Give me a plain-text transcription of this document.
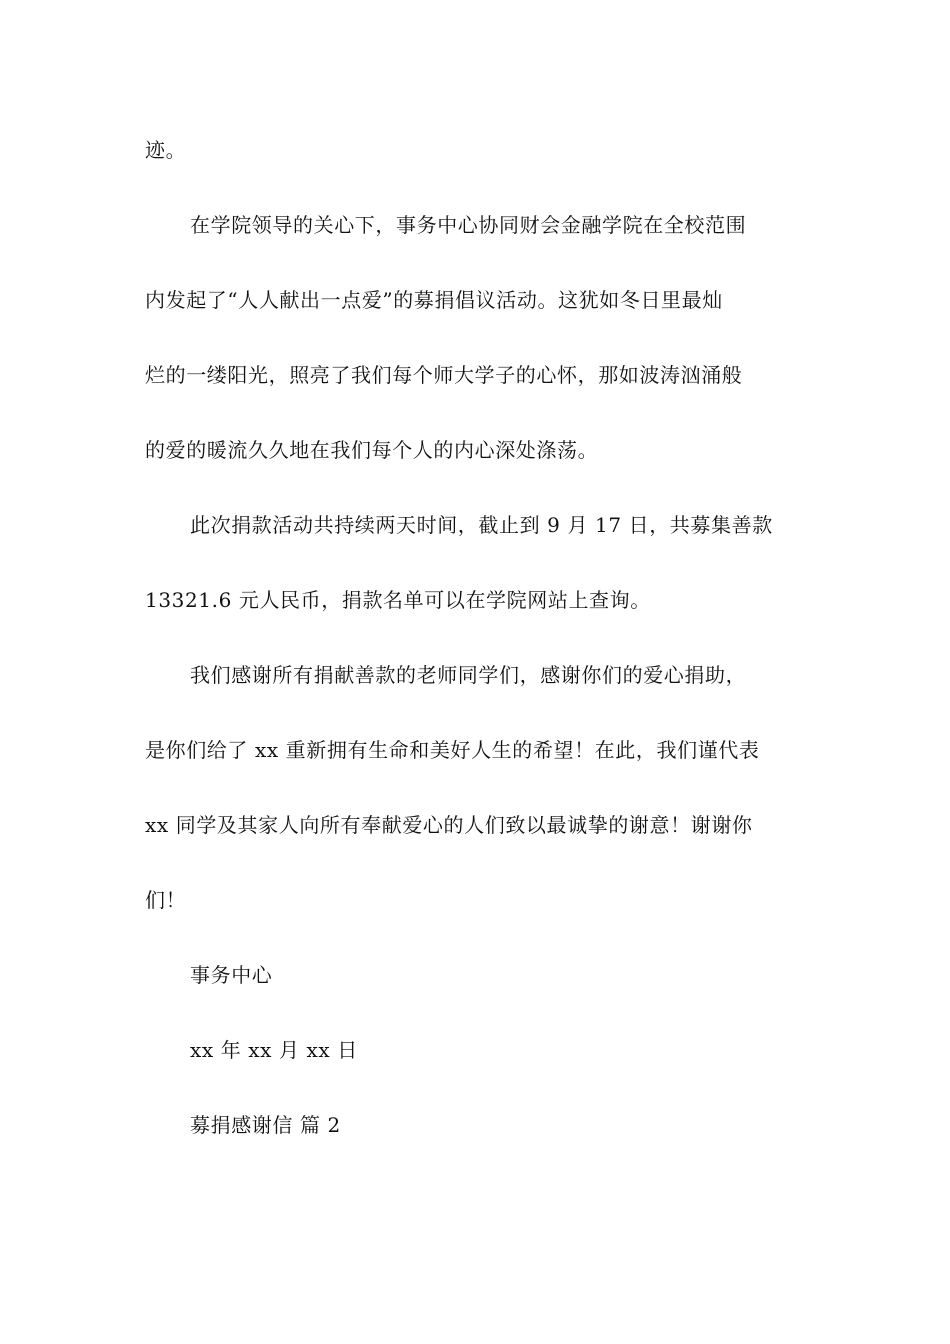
迹。
在学院领导的关心下，事务中心协同财会金融学院在全校范围
内发起了“人人献出一点爱”的募捐倡议活动。这犹如冬日里最灿
烂的一缕阳光，照亮了我们每个师大学子的心怀，那如波涛汹涌般
的爱的暖流久久地在我们每个人的内心深处涤荡。
此次捐款活动共持续两天时间，截止到 9 月 17 日，共募集善款
13321.6 元人民币，捐款名单可以在学院网站上查询。
我们感谢所有捐献善款的老师同学们，感谢你们的爱心捐助，
是你们给了 xx 重新拥有生命和美好人生的希望！在此，我们谨代表
xx 同学及其家人向所有奉献爱心的人们致以最诚挚的谢意！谢谢你
们！
事务中心
xx 年 xx 月 xx 日
募捐感谢信 篇 2
